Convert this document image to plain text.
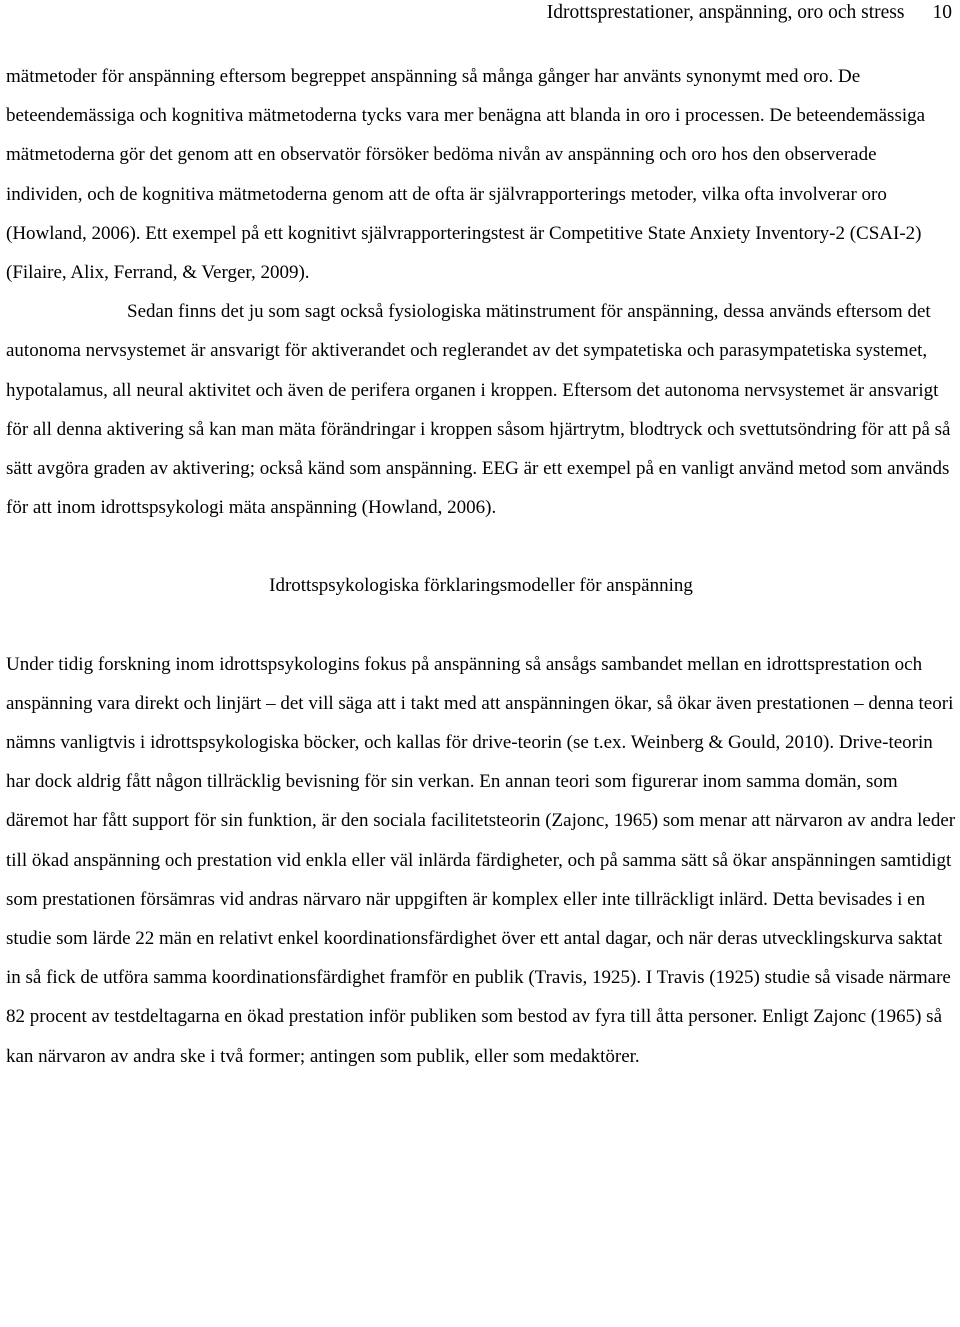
Idrottsprestationer, anspänning, oro och stress 10

mätmetoder för anspänning eftersom begreppet anspänning så många gånger har använts synonymt med oro. De beteendemässiga och kognitiva mätmetoderna tycks vara mer benägna att blanda in oro i processen. De beteendemässiga mätmetoderna gör det genom att en observatör försöker bedöma nivån av anspänning och oro hos den observerade individen, och de kognitiva mätmetoderna genom att de ofta är självrapporterings metoder, vilka ofta involverar oro (Howland, 2006). Ett exempel på ett kognitivt självrapporteringstest är Competitive State Anxiety Inventory-2 (CSAI-2) (Filaire, Alix, Ferrand, & Verger, 2009).

Sedan finns det ju som sagt också fysiologiska mätinstrument för anspänning, dessa används eftersom det autonoma nervsystemet är ansvarigt för aktiverandet och reglerandet av det sympatetiska och parasympatetiska systemet, hypotalamus, all neural aktivitet och även de perifera organen i kroppen. Eftersom det autonoma nervsystemet är ansvarigt för all denna aktivering så kan man mäta förändringar i kroppen såsom hjärtrytm, blodtryck och svettutsöndring för att på så sätt avgöra graden av aktivering; också känd som anspänning. EEG är ett exempel på en vanligt använd metod som används för att inom idrottspsykologi mäta anspänning (Howland, 2006).

Idrottspsykologiska förklaringsmodeller för anspänning

Under tidig forskning inom idrottspsykologins fokus på anspänning så ansågs sambandet mellan en idrottsprestation och anspänning vara direkt och linjärt – det vill säga att i takt med att anspänningen ökar, så ökar även prestationen – denna teori nämns vanligtvis i idrottspsykologiska böcker, och kallas för drive-teorin (se t.ex. Weinberg & Gould, 2010). Drive-teorin har dock aldrig fått någon tillräcklig bevisning för sin verkan. En annan teori som figurerar inom samma domän, som däremot har fått support för sin funktion, är den sociala facilitetsteorin (Zajonc, 1965) som menar att närvaron av andra leder till ökad anspänning och prestation vid enkla eller väl inlärda färdigheter, och på samma sätt så ökar anspänningen samtidigt som prestationen försämras vid andras närvaro när uppgiften är komplex eller inte tillräckligt inlärd. Detta bevisades i en studie som lärde 22 män en relativt enkel koordinationsfärdighet över ett antal dagar, och när deras utvecklingskurva saktat in så fick de utföra samma koordinationsfärdighet framför en publik (Travis, 1925). I Travis (1925) studie så visade närmare 82 procent av testdeltagarna en ökad prestation inför publiken som bestod av fyra till åtta personer. Enligt Zajonc (1965) så kan närvaron av andra ske i två former; antingen som publik, eller som medaktörer.
